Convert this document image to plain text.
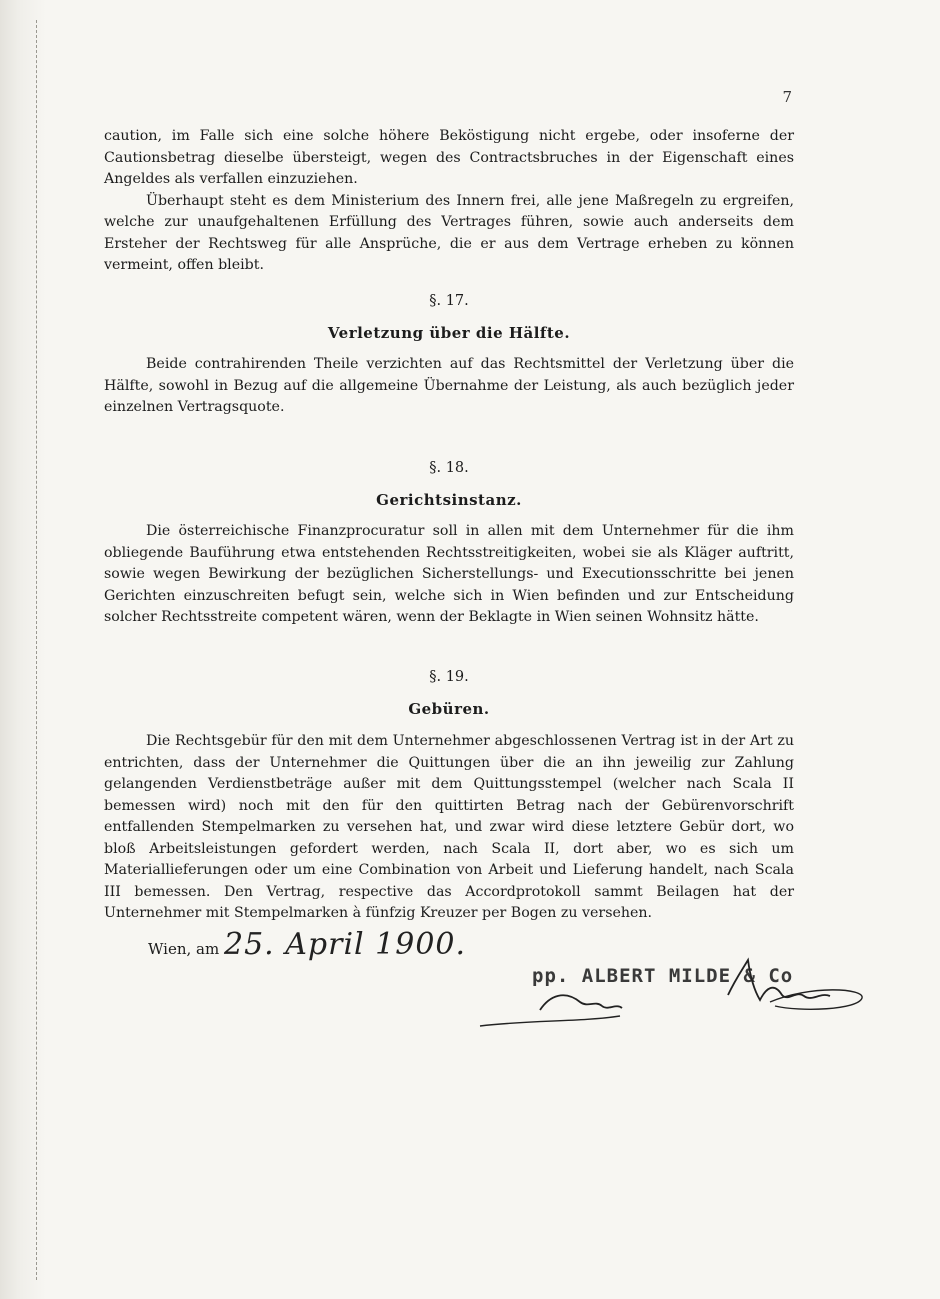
7

caution, im Falle sich eine solche höhere Beköstigung nicht ergebe, oder insoferne der Cautionsbetrag dieselbe übersteigt, wegen des Contractsbruches in der Eigenschaft eines Angeldes als verfallen einzuziehen.

Überhaupt steht es dem Ministerium des Innern frei, alle jene Maßregeln zu ergreifen, welche zur unaufgehaltenen Erfüllung des Vertrages führen, sowie auch anderseits dem Ersteher der Rechtsweg für alle Ansprüche, die er aus dem Vertrage erheben zu können vermeint, offen bleibt.

§. 17.
Verletzung über die Hälfte.

Beide contrahirenden Theile verzichten auf das Rechtsmittel der Verletzung über die Hälfte, sowohl in Bezug auf die allgemeine Übernahme der Leistung, als auch bezüglich jeder einzelnen Vertragsquote.

§. 18.
Gerichtsinstanz.

Die österreichische Finanzprocuratur soll in allen mit dem Unternehmer für die ihm obliegende Bauführung etwa entstehenden Rechtsstreitigkeiten, wobei sie als Kläger auftritt, sowie wegen Bewirkung der bezüglichen Sicherstellungs- und Executionsschritte bei jenen Gerichten einzuschreiten befugt sein, welche sich in Wien befinden und zur Entscheidung solcher Rechtsstreite competent wären, wenn der Beklagte in Wien seinen Wohnsitz hätte.

§. 19.
Gebüren.

Die Rechtsgebür für den mit dem Unternehmer abgeschlossenen Vertrag ist in der Art zu entrichten, dass der Unternehmer die Quittungen über die an ihn jeweilig zur Zahlung gelangenden Verdienstbeträge außer mit dem Quittungsstempel (welcher nach Scala II bemessen wird) noch mit den für den quittirten Betrag nach der Gebürenvorschrift entfallenden Stempelmarken zu versehen hat, und zwar wird diese letztere Gebür dort, wo bloß Arbeitsleistungen gefordert werden, nach Scala II, dort aber, wo es sich um Materiallieferungen oder um eine Combination von Arbeit und Lieferung handelt, nach Scala III bemessen. Den Vertrag, respective das Accordprotokoll sammt Beilagen hat der Unternehmer mit Stempelmarken à fünfzig Kreuzer per Bogen zu versehen.

Wien, am 25. April 1900.
pp. ALBERT MILDE & Co
